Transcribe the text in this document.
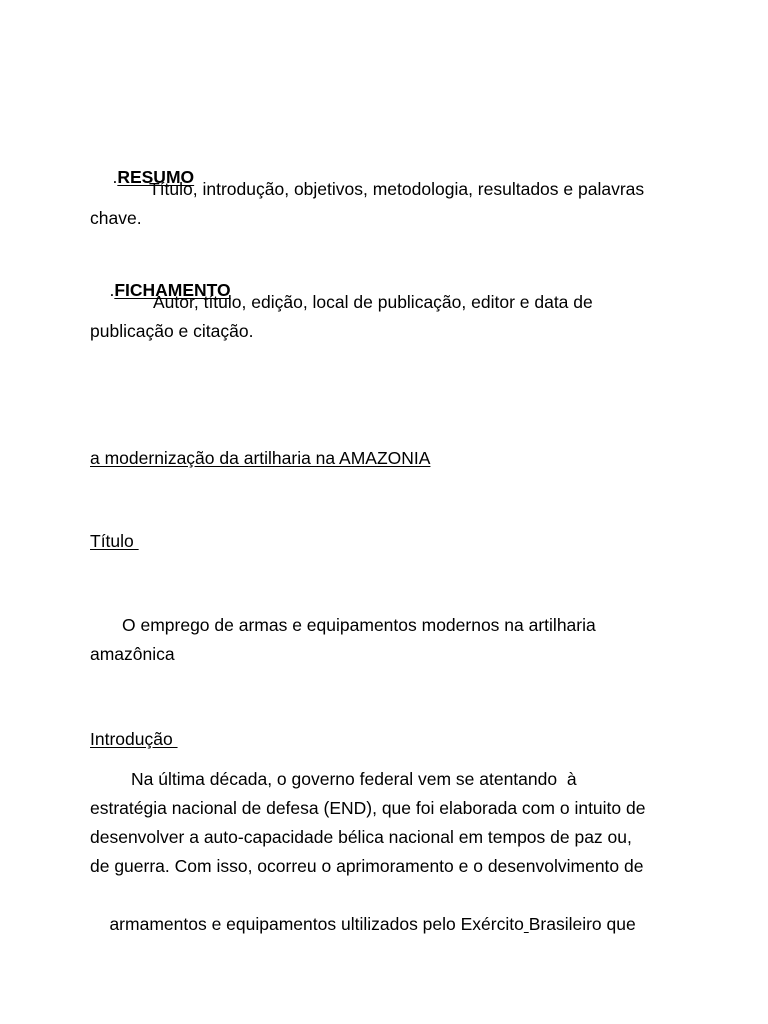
.RESUMO

Título, introdução, objetivos, metodologia, resultados e palavras
chave.

.FICHAMENTO

Autor, título, edição, local de publicação, editor e data de
publicação e citação.
a modernização da artilharia na AMAZONIA
Título
O emprego de armas e equipamentos modernos na artilharia
amazônica
Introdução
Na última década, o governo federal vem se atentando  à
estratégia nacional de defesa (END), que foi elaborada com o intuito de
desenvolver a auto-capacidade bélica nacional em tempos de paz ou,
de guerra. Com isso, ocorreu o aprimoramento e o desenvolvimento de

armamentos e equipamentos ultilizados pelo Exército Brasileiro que
